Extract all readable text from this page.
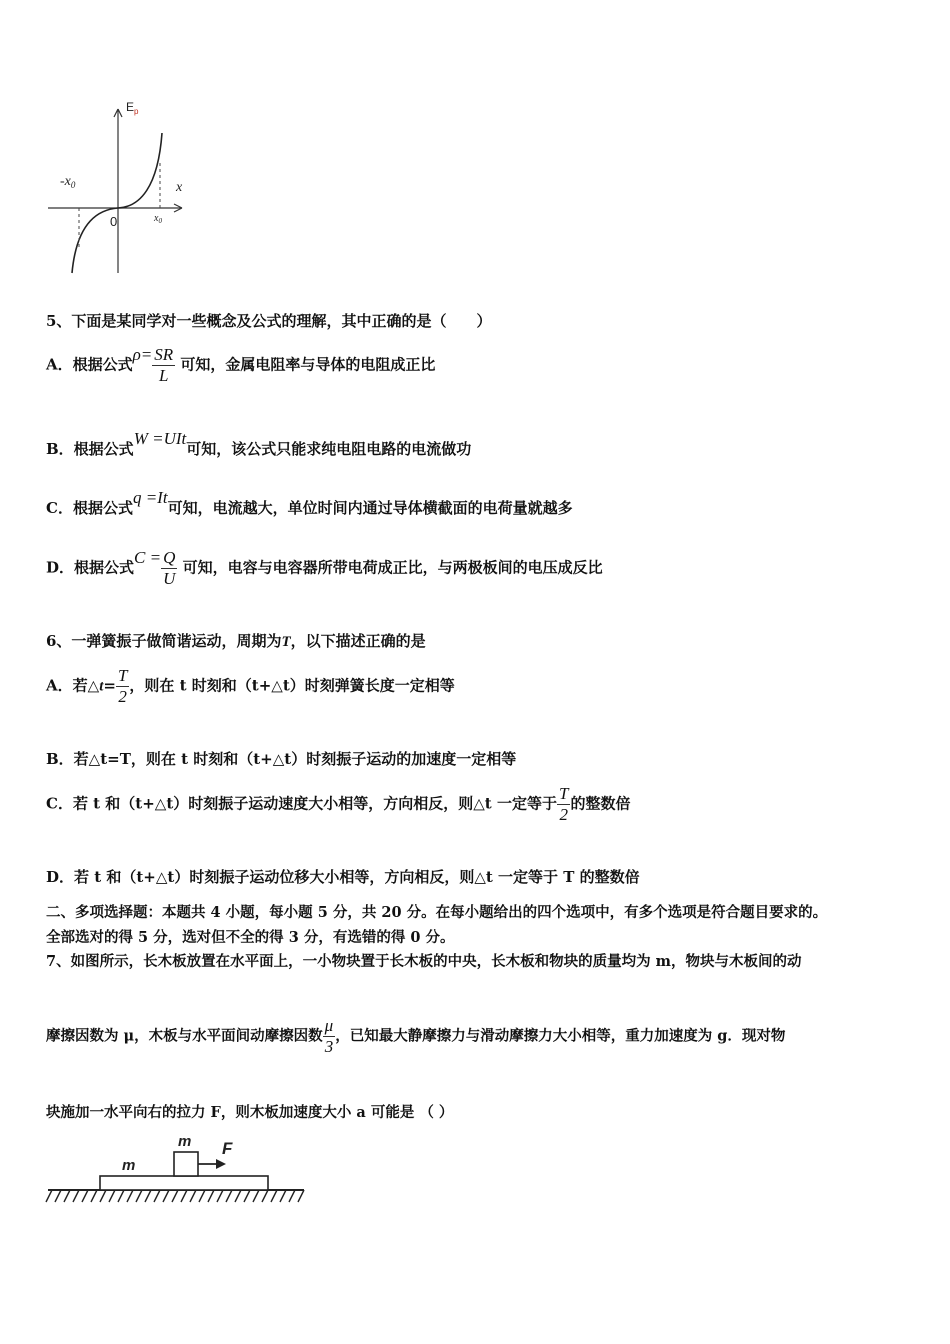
$E_p$
x
$-x_0$
0	$x_0$
5、下面是某同学对一些概念及公式的理解，其中正确的是（　　）
A．根据公式$\rho= \frac{SR}{L}$ 可知，金属电阻率与导体的电阻成正比
B．根据公式W =UIt可知，该公式只能求纯电阻电路的电流做功
C．根据公式q =It可知，电流越大，单位时间内通过导体横截面的电荷量就越多
D．根据公式$C = \frac{Q}{U}$ 可知，电容与电容器所带电荷成正比，与两极板间的电压成反比
6、一弹簧振子做简谐运动，周期为T，以下描述正确的是
A．若△t= $\frac{T}{2}$ ，则在 t 时刻和（t+△t）时刻弹簧长度一定相等
B．若△t=T，则在 t 时刻和（t+△t）时刻振子运动的加速度一定相等
C．若 t 和（t+△t）时刻振子运动速度大小相等，方向相反，则△t 一定等于 $\frac{T}{2}$ 的整数倍
D．若 t 和（t+△t）时刻振子运动位移大小相等，方向相反，则△t 一定等于 T 的整数倍
二、多项选择题：本题共 4 小题，每小题 5 分，共 20 分。在每小题给出的四个选项中，有多个选项是符合题目要求的。
全部选对的得 5 分，选对但不全的得 3 分，有选错的得 0 分。
7、如图所示，长木板放置在水平面上，一小物块置于长木板的中央，长木板和物块的质量均为 m，物块与木板间的动
摩擦因数为 μ，木板与水平面间动摩擦因数 $\frac{\mu}{3}$ ，已知最大静摩擦力与滑动摩擦力大小相等，重力加速度为 g．现对物
块施加一水平向右的拉力 F，则木板加速度大小 a 可能是 （ ）
m F
m
